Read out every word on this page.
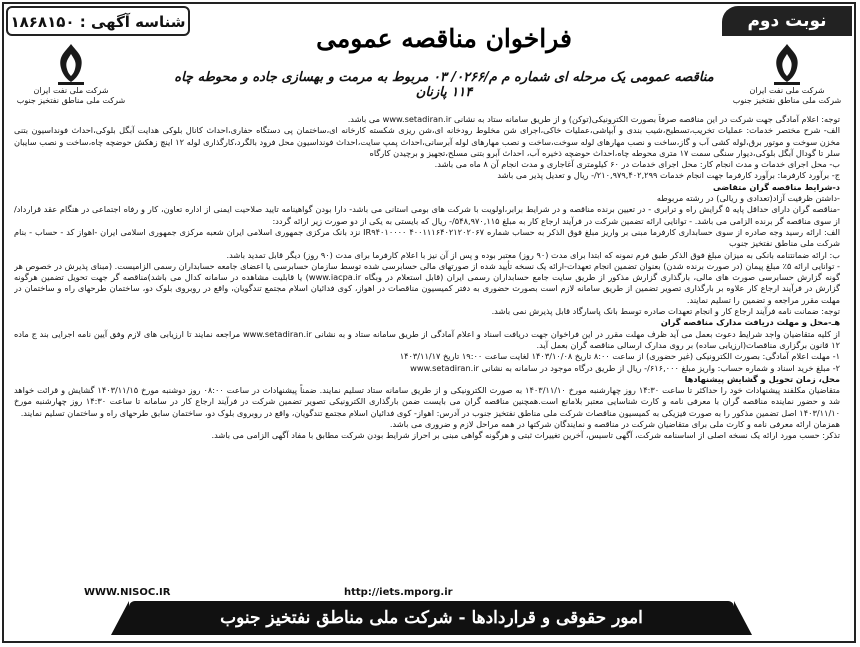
شناسه آگهی : ۱۸۶۸۱۵۰	نوبت دوم
شرکت ملی نفت ایران
شرکت ملی مناطق نفتخیز جنوب
شرکت ملی نفت ایران
شرکت ملی مناطق نفتخیز جنوب
فراخوان مناقصه عمومی
مناقصه عمومی یک مرحله ای شماره م م/۰۲۶۶/ ۰۳ مربوط به مرمت و بهسازی جاده و محوطه چاه ۱۱۴ پازنان

توجه: اعلام آمادگی جهت شرکت در این مناقصه صرفاً بصورت الکترونیکی(توکن) و از طریق سامانه ستاد به نشانی www.setadiran.ir می باشد.

الف- شرح مختصر خدمات: عملیات تخریب،تسطیح،شیب بندی و آبپاشی،عملیات خاکی،اجرای شن مخلوط رودخانه ای،شن ریزی شکسته کارخانه ای،ساختمان پی دستگاه حفاری،احداث کانال بلوکی هدایت آبگل بلوکی،احداث فونداسیون بتنی مخزن سوخت و موتور برق،لوله کشی آب و گاز،ساخت و نصب مهارهای لوله سوخت،ساخت و نصب مهارهای لوله آبرسانی،احداث پمپ سایت،احداث فونداسیون محل فرود بالگرد،کارگذاری لوله ۱۲ اینچ زهکش حوضچه چاه،ساخت و نصب سایبان سلر تا گودال آبگل بلوکی،دیوار سنگی سمت ۱۷ متری محوطه چاه،احداث حوضچه ذخیره آب، احداث آبرو بتنی مسلح،تجهیز و برچیدن کارگاه

ب- محل اجرای خدمات و مدت انجام کار: محل اجرای خدمات در ۶۰ کیلومتری آغاجاری و مدت انجام آن ۸ ماه می باشد.

ج- برآورد کارفرما: برآورد کارفرما جهت انجام خدمات ۲۱۰,۹۷۹,۴۰۲,۲۹۹/- ریال و تعدیل پذیر می باشد

د-شرایط مناقصه گران متقاضی

-داشتن ظرفیت آزاد(تعدادی و ریالی) در رشته مربوطه

-مناقصه گران دارای حداقل پایه ۵ گرایش راه و ترابری - در تعیین برنده مناقصه و در شرایط برابر،اولویت با شرکت های بومی استانی می باشد- دارا بودن گواهینامه تایید صلاحیت ایمنی از اداره تعاون، کار و رفاه اجتماعی در هنگام عقد قرارداد/ از سوی مناقصه گر برنده الزامی می باشد. - توانایی ارائه تضمین شرکت در فرآیند ارجاع کار به مبلغ ۵۴۸,۹۷۰,۱۱۵/- ریال که بایستی به یکی از دو صورت زیر ارائه گردد:

الف: ارائه رسید وجه صادره از سوی حسابداری کارفرما مبنی بر واریز مبلغ فوق الذکر به حساب شماره ۴۰۰۱۱۱۶۴۰۲۱۲۰۲۰۶۷ IR۹۴۰۱۰۰۰۰ نزد بانک مرکزی جمهوری اسلامی ایران شعبه مرکزی جمهوری اسلامی ایران -اهواز کد - حساب - بنام شرکت ملی مناطق نفتخیز جنوب

ب: ارائه ضمانتنامه بانکی به میزان مبلغ فوق الذکر طبق فرم نمونه که ابتدا برای مدت (۹۰ روز) معتبر بوده و پس از آن نیز با اعلام کارفرما برای مدت (۹۰ روز) دیگر قابل تمدید باشد.

- توانایی ارائه ۵٪ مبلغ پیمان (در صورت برنده شدن) بعنوان تضمین انجام تعهدات-ارائه یک نسخه تأیید شده از صورتهای مالی حسابرسی شده توسط سازمان حسابرسی یا اعضای جامعه حسابداران رسمی الزامیست. (مبنای پذیرش در خصوص هر گونه گزارش حسابرسی صورت های مالی، بارگذاری گزارش مذکور از طریق سایت جامع حسابداران رسمی ایران (قابل استعلام در وبگاه www.iacpa.ir) یا قابلیت مشاهده در سامانه کدال می باشد)مناقصه گر جهت تحویل تضمین هرگونه گزارش در فرآیند ارجاع کار علاوه بر بارگذاری تصویر تضمین از طریق سامانه لازم است بصورت حضوری به دفتر کمیسیون مناقصات در اهواز، کوی فدائیان اسلام مجتمع تندگویان، واقع در روبروی بلوک دو، ساختمان طرحهای راه و ساختمان در مهلت مقرر مراجعه و تضمین را تسلیم نمایند.

توجه: ضمانت نامه فرآیند ارجاع کار و انجام تعهدات صادره توسط بانک پاسارگاد قابل پذیرش نمی باشد.

هـ-محل و مهلت دریافت مدارک مناقصه گران

از کلیه متقاضیان واجد شرایط دعوت بعمل می آید ظرف مهلت مقرر در این فراخوان جهت دریافت اسناد و اعلام آمادگی از طریق سامانه ستاد و به نشانی www.setadiran.ir مراجعه نمایند تا ارزیابی های لازم وفق آیین نامه اجرایی بند ج ماده ۱۲ قانون برگزاری مناقصات(ارزیابی ساده) بر روی مدارک ارسالی مناقصه گران بعمل آید.

۱- مهلت اعلام آمادگی: بصورت الکترونیکی (غیر حضوری) از ساعت ۸:۰۰ تاریخ ۱۴۰۳/۱۰/۰۸ لغایت ساعت ۱۹:۰۰ تاریخ ۱۴۰۳/۱۱/۱۷

۲- مبلغ خرید اسناد و شماره حساب: واریز مبلغ ۶۱۶,۰۰۰/- ریال از طریق درگاه موجود در سامانه به نشانی www.setadiran.ir

محل، زمان تحویل و گشایش پیشنهادها

متقاضیان مکلفند پیشنهادات خود را حداکثر تا ساعت ۱۴:۳۰ روز چهارشنبه مورخ ۱۴۰۳/۱۱/۱۰ به صورت الکترونیکی و از طریق سامانه ستاد تسلیم نمایند. ضمناً پیشنهادات در ساعت ۰۸:۰۰ روز دوشنبه مورخ ۱۴۰۳/۱۱/۱۵ گشایش و قرائت خواهد شد و حضور نماینده مناقصه گران با معرفی نامه و کارت شناسایی معتبر بلامانع است.همچنین مناقصه گران می بایست ضمن بارگذاری الکترونیکی تصویر تضمین شرکت در فرآیند ارجاع کار در سامانه تا ساعت ۱۴:۳۰ روز چهارشنبه مورخ ۱۴۰۳/۱۱/۱۰ اصل تضمین مذکور را به صورت فیزیکی به کمیسیون مناقصات شرکت ملی مناطق نفتخیز جنوب در آدرس: اهواز- کوی فدائیان اسلام مجتمع تندگویان، واقع در روبروی بلوک دو، ساختمان سابق طرحهای راه و ساختمان تسلیم نمایند.

همزمان ارائه معرفی نامه و کارت ملی برای متقاضیان شرکت در مناقصه و نمایندگان شرکتها در همه مراحل لازم و ضروری می باشد.

تذکر: حسب مورد ارائه یک نسخه اصلی از اساسنامه شرکت، آگهی تاسیس، آخرین تغییرات ثبتی و هرگونه گواهی مبنی بر احراز شرایط بودن شرکت مطابق با مفاد آگهی الزامی می باشد.

WWW.NISOC.IR	http://iets.mporg.ir
امور حقوقی و قراردادها - شرکت ملی مناطق نفتخیز جنوب
